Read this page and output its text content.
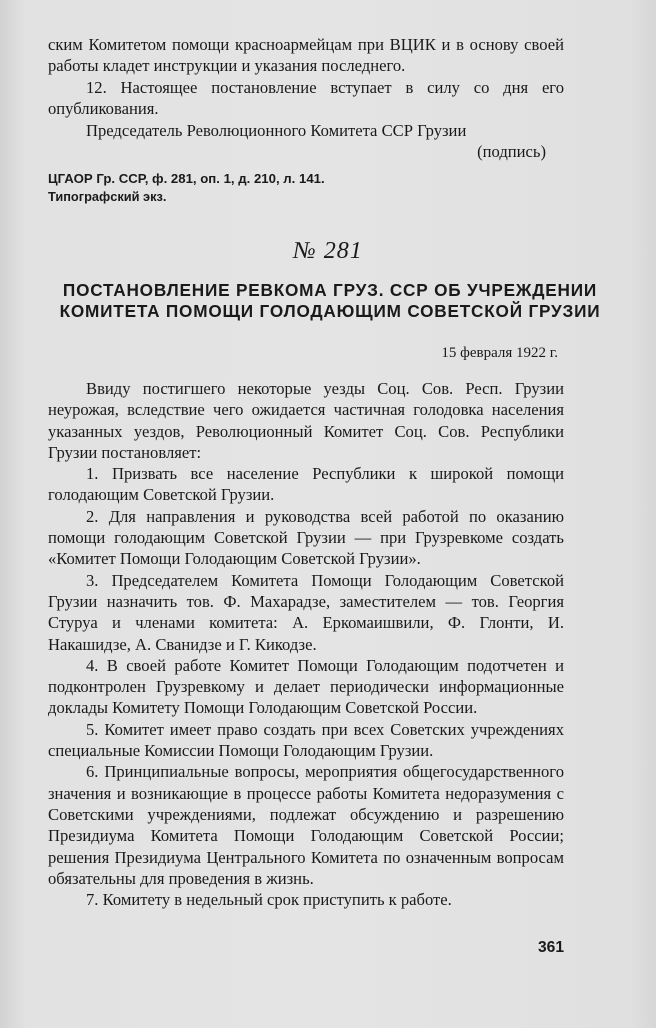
ским Комитетом помощи красноармейцам при ВЦИК и в основу своей работы кладет инструкции и указания последнего.

12. Настоящее постановление вступает в силу со дня его опубликования.

Председатель Революционного Комитета ССР Грузии
(подпись)
ЦГАОР Гр. ССР, ф. 281, оп. 1, д. 210, л. 141.
Типографский экз.
№ 281
ПОСТАНОВЛЕНИЕ РЕВКОМА ГРУЗ. ССР ОБ УЧРЕЖДЕНИИ КОМИТЕТА ПОМОЩИ ГОЛОДАЮЩИМ СОВЕТСКОЙ ГРУЗИИ
15 февраля 1922 г.

Ввиду постигшего некоторые уезды Соц. Сов. Респ. Грузии неурожая, вследствие чего ожидается частичная голодовка населения указанных уездов, Революционный Комитет Соц. Сов. Республики Грузии постановляет:

1. Призвать все население Республики к широкой помощи голодающим Советской Грузии.

2. Для направления и руководства всей работой по оказанию помощи голодающим Советской Грузии — при Грузревкоме создать «Комитет Помощи Голодающим Советской Грузии».

3. Председателем Комитета Помощи Голодающим Советской Грузии назначить тов. Ф. Махарадзе, заместителем — тов. Георгия Стуруа и членами комитета: А. Еркомаишвили, Ф. Глонти, И. Накашидзе, А. Сванидзе и Г. Кикодзе.

4. В своей работе Комитет Помощи Голодающим подотчетен и подконтролен Грузревкому и делает периодически информационные доклады Комитету Помощи Голодающим Советской России.

5. Комитет имеет право создать при всех Советских учреждениях специальные Комиссии Помощи Голодающим Грузии.

6. Принципиальные вопросы, мероприятия общегосударственного значения и возникающие в процессе работы Комитета недоразумения с Советскими учреждениями, подлежат обсуждению и разрешению Президиума Комитета Помощи Голодающим Советской России; решения Президиума Центрального Комитета по означенным вопросам обязательны для проведения в жизнь.

7. Комитету в недельный срок приступить к работе.

361
